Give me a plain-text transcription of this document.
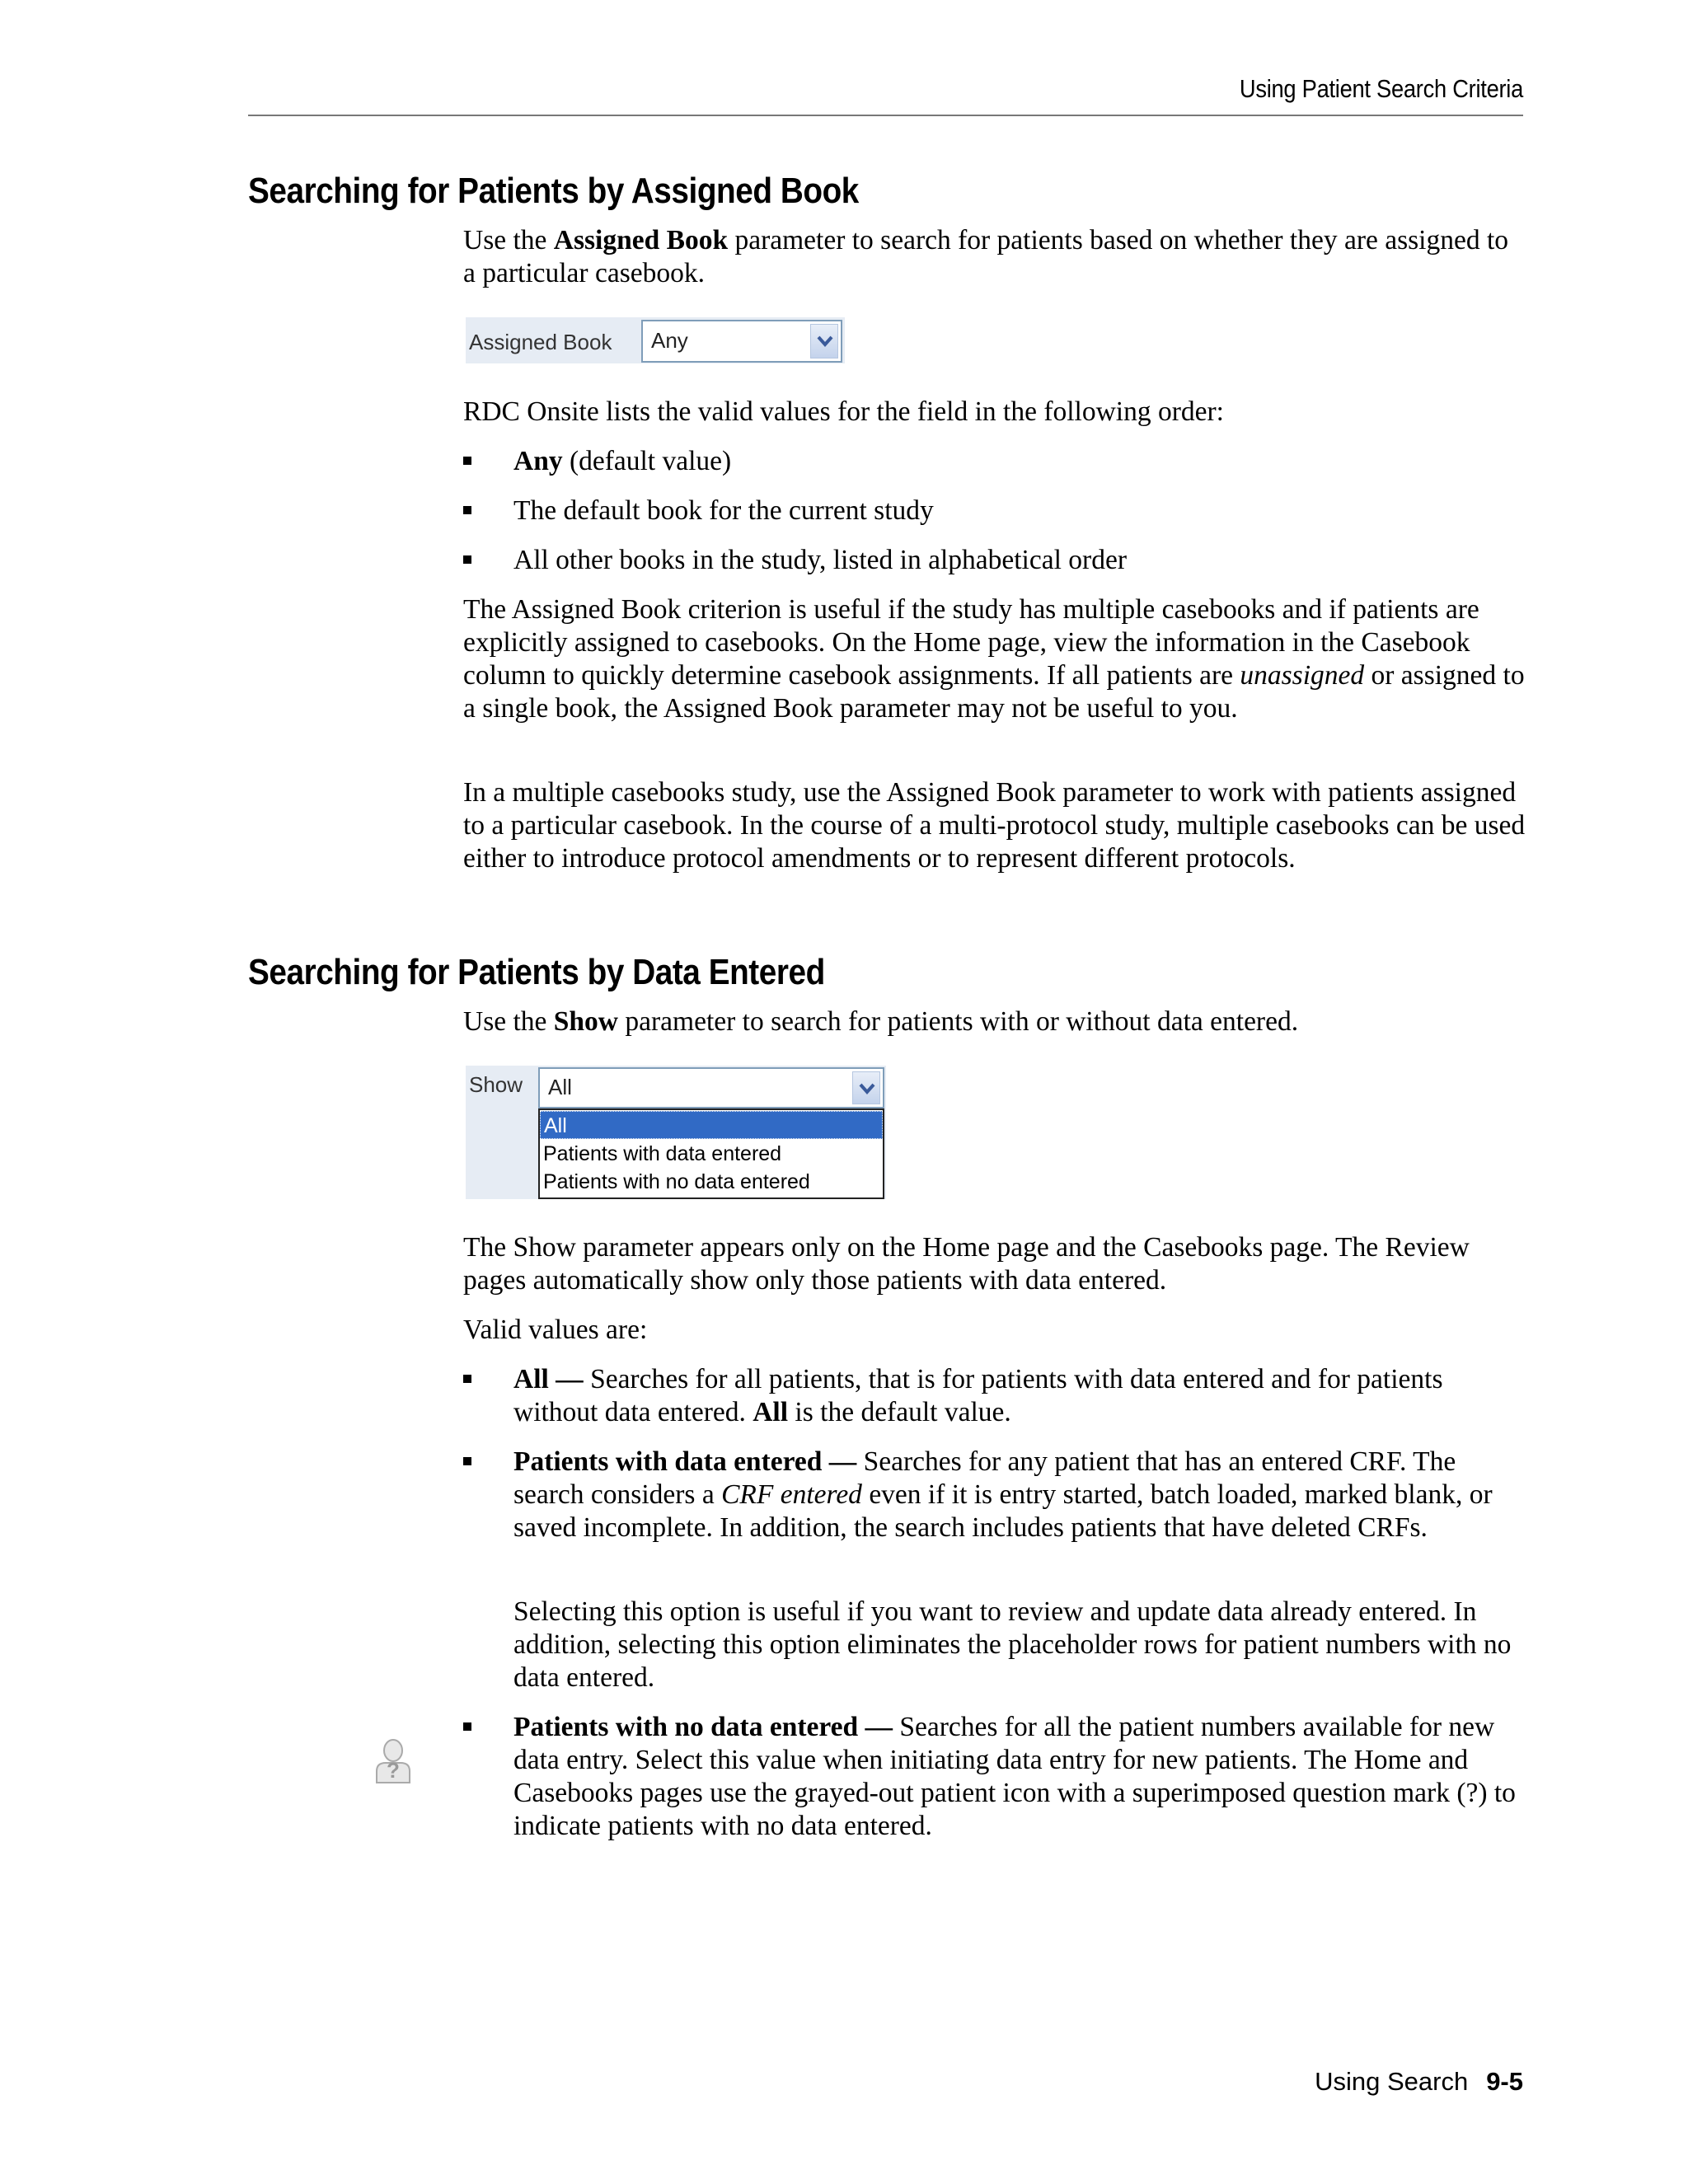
Using Patient Search Criteria
Searching for Patients by Assigned Book

Use the Assigned Book parameter to search for patients based on whether they are assigned to a particular casebook.

Assigned Book Any

RDC Onsite lists the valid values for the field in the following order:

Any (default value)
The default book for the current study
All other books in the study, listed in alphabetical order

The Assigned Book criterion is useful if the study has multiple casebooks and if patients are explicitly assigned to casebooks. On the Home page, view the information in the Casebook column to quickly determine casebook assignments. If all patients are unassigned or assigned to a single book, the Assigned Book parameter may not be useful to you.

In a multiple casebooks study, use the Assigned Book parameter to work with patients assigned to a particular casebook. In the course of a multi-protocol study, multiple casebooks can be used either to introduce protocol amendments or to represent different protocols.

Searching for Patients by Data Entered

Use the Show parameter to search for patients with or without data entered.

Show All
All
Patients with data entered
Patients with no data entered

The Show parameter appears only on the Home page and the Casebooks page. The Review pages automatically show only those patients with data entered.

Valid values are:

All — Searches for all patients, that is for patients with data entered and for patients without data entered. All is the default value.
Patients with data entered — Searches for any patient that has an entered CRF. The search considers a CRF entered even if it is entry started, batch loaded, marked blank, or saved incomplete. In addition, the search includes patients that have deleted CRFs.

Selecting this option is useful if you want to review and update data already entered. In addition, selecting this option eliminates the placeholder rows for patient numbers with no data entered.

Patients with no data entered — Searches for all the patient numbers available for new data entry. Select this value when initiating data entry for new patients. The Home and Casebooks pages use the grayed-out patient icon with a superimposed question mark (?) to indicate patients with no data entered.
?
Using Search 9-5
